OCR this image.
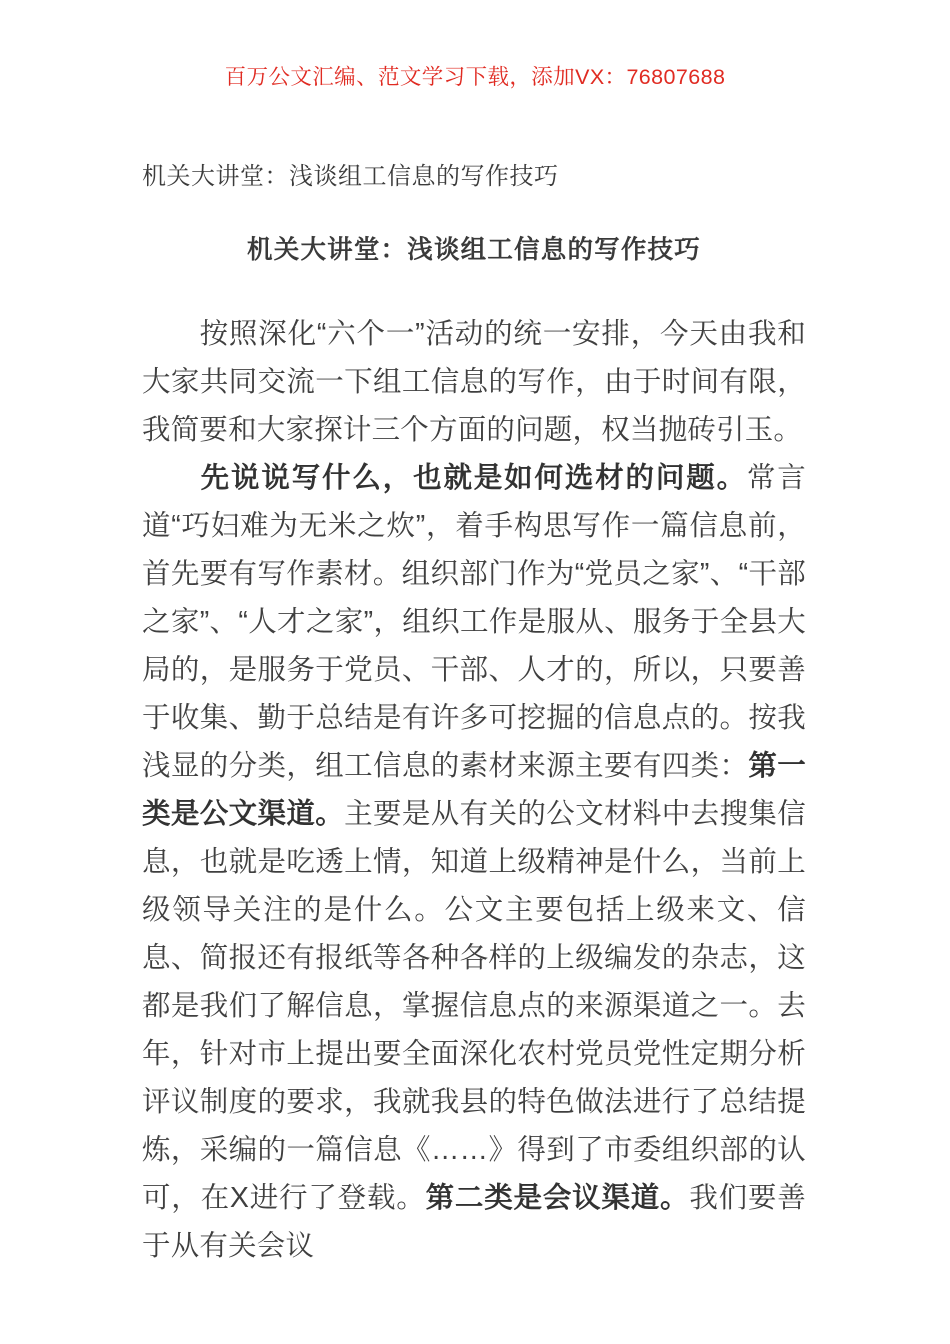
百万公文汇编、范文学习下载，添加VX：76807688
机关大讲堂：浅谈组工信息的写作技巧
机关大讲堂：浅谈组工信息的写作技巧
按照深化“六个一”活动的统一安排，今天由我和大家共同交流一下组工信息的写作，由于时间有限，我简要和大家探计三个方面的问题，权当抛砖引玉。
先说说写什么，也就是如何选材的问题。常言道“巧妇难为无米之炊”，着手构思写作一篇信息前，首先要有写作素材。组织部门作为“党员之家”、“干部之家”、“人才之家”，组织工作是服从、服务于全县大局的，是服务于党员、干部、人才的，所以，只要善于收集、勤于总结是有许多可挖掘的信息点的。按我浅显的分类，组工信息的素材来源主要有四类：第一类是公文渠道。主要是从有关的公文材料中去搜集信息，也就是吃透上情，知道上级精神是什么，当前上级领导关注的是什么。公文主要包括上级来文、信息、简报还有报纸等各种各样的上级编发的杂志，这都是我们了解信息，掌握信息点的来源渠道之一。去年，针对市上提出要全面深化农村党员党性定期分析评议制度的要求，我就我县的特色做法进行了总结提炼，采编的一篇信息《……》得到了市委组织部的认可，在X进行了登载。第二类是会议渠道。我们要善于从有关会议
